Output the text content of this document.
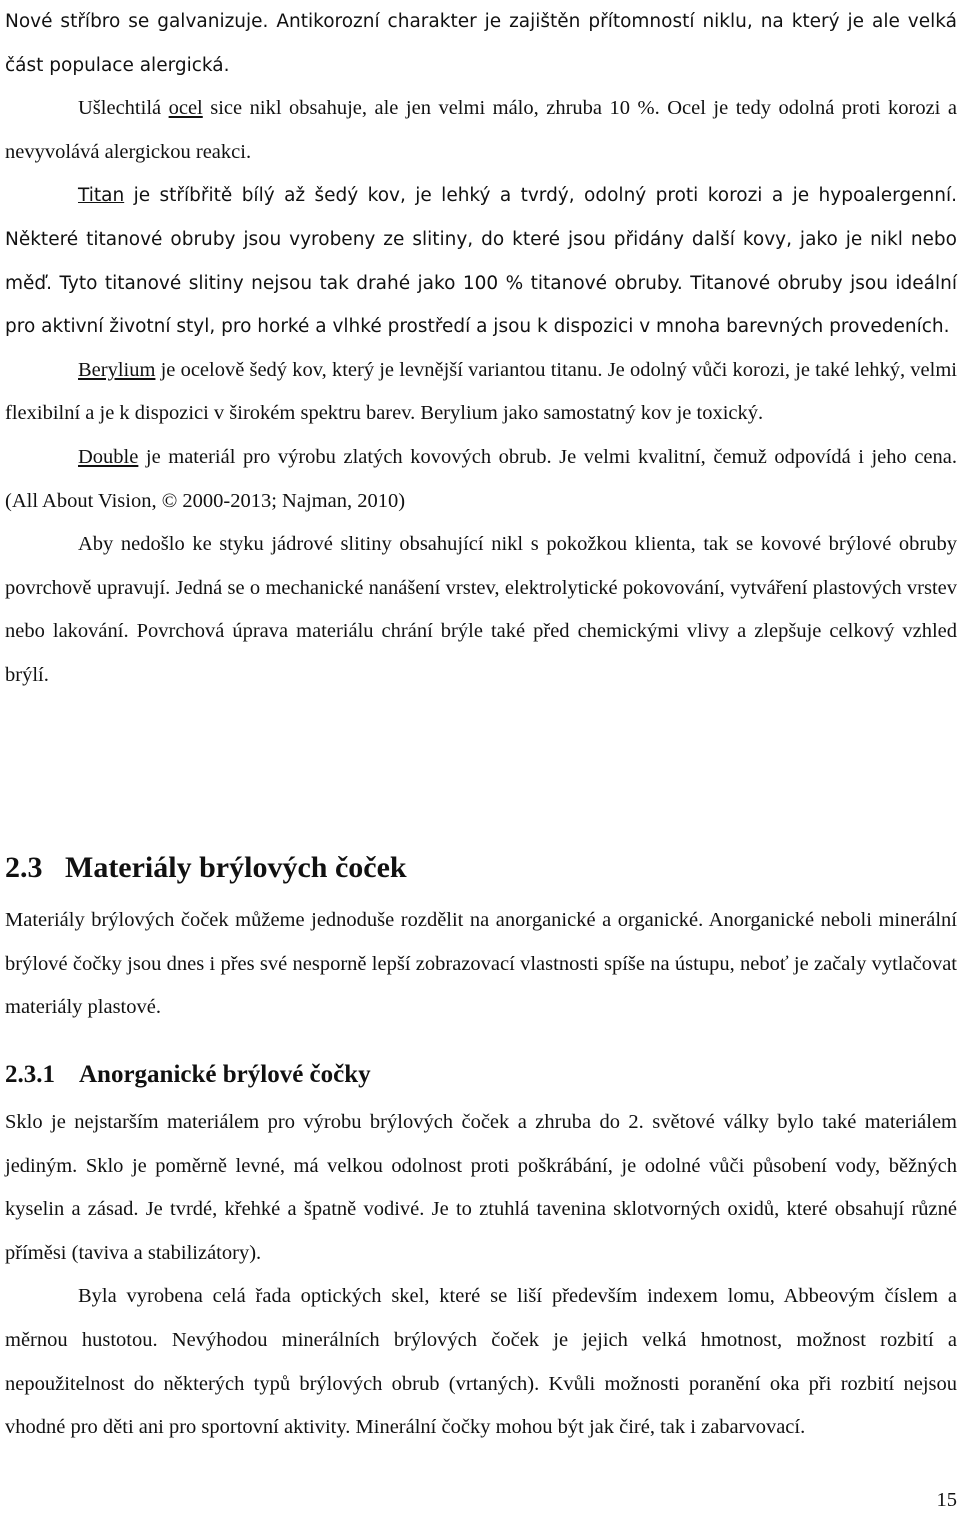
Nové stříbro se galvanizuje. Antikorozní charakter je zajištěn přítomností niklu, na který je ale velká část populace alergická.

Ušlechtilá ocel sice nikl obsahuje, ale jen velmi málo, zhruba 10 %. Ocel je tedy odolná proti korozi a nevyvolává alergickou reakci.

Titan je stříbřitě bílý až šedý kov, je lehký a tvrdý, odolný proti korozi a je hypoalergenní. Některé titanové obruby jsou vyrobeny ze slitiny, do které jsou přidány další kovy, jako je nikl nebo měď. Tyto titanové slitiny nejsou tak drahé jako 100 % titanové obruby. Titanové obruby jsou ideální pro aktivní životní styl, pro horké a vlhké prostředí a jsou k dispozici v mnoha barevných provedeních.

Berylium je ocelově šedý kov, který je levnější variantou titanu. Je odolný vůči korozi, je také lehký, velmi flexibilní a je k dispozici v širokém spektru barev. Berylium jako samostatný kov je toxický.

Double je materiál pro výrobu zlatých kovových obrub. Je velmi kvalitní, čemuž odpovídá i jeho cena. (All About Vision, © 2000-2013; Najman, 2010)

Aby nedošlo ke styku jádrové slitiny obsahující nikl s pokožkou klienta, tak se kovové brýlové obruby povrchově upravují. Jedná se o mechanické nanášení vrstev, elektrolytické pokovování, vytváření plastových vrstev nebo lakování. Povrchová úprava materiálu chrání brýle také před chemickými vlivy a zlepšuje celkový vzhled brýlí.

2.3 Materiály brýlových čoček

Materiály brýlových čoček můžeme jednoduše rozdělit na anorganické a organické. Anorganické neboli minerální brýlové čočky jsou dnes i přes své nesporně lepší zobrazovací vlastnosti spíše na ústupu, neboť je začaly vytlačovat materiály plastové.

2.3.1 Anorganické brýlové čočky

Sklo je nejstarším materiálem pro výrobu brýlových čoček a zhruba do 2. světové války bylo také materiálem jediným. Sklo je poměrně levné, má velkou odolnost proti poškrábání, je odolné vůči působení vody, běžných kyselin a zásad. Je tvrdé, křehké a špatně vodivé. Je to ztuhlá tavenina sklotvorných oxidů, které obsahují různé příměsi (taviva a stabilizátory).

Byla vyrobena celá řada optických skel, které se liší především indexem lomu, Abbeovým číslem a měrnou hustotou. Nevýhodou minerálních brýlových čoček je jejich velká hmotnost, možnost rozbití a nepoužitelnost do některých typů brýlových obrub (vrtaných). Kvůli možnosti poranění oka při rozbití nejsou vhodné pro děti ani pro sportovní aktivity. Minerální čočky mohou být jak čiré, tak i zabarvovací.

15
